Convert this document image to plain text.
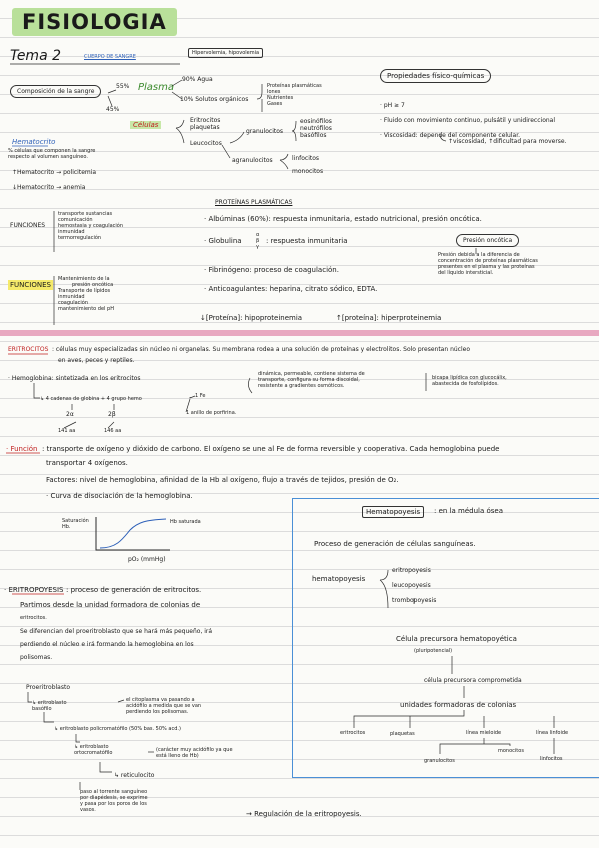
FISIOLOGIA
Tema 2	CUERPO DE SANGRE
Hipervolemia, hipovolemia
Composición de la sangre
55%
45%
Plasma
Células
90% Agua
10% Solutos orgánicos
Proteínas plasmáticas
Iones
Nutrientes
Gases
Eritrocitos
plaquetas
Leucocitos
granulocitos
eosinófilos
neutrófilos
basófilos
agranulocitos	linfocitos
monocitos
Hematocrito
% células que componen la sangre
respecto al volumen sanguíneo.
↑Hematocrito → policitemia
↓Hematocrito → anemia
Propiedades físico-químicas
· pH ≥ 7
· Fluido con movimiento continuo, pulsátil y unidireccional
· Viscosidad: depende del componente celular.
↑viscosidad, ↑dificultad para moverse.
FUNCIONES
transporte sustancias
comunicación
hemostasia y coagulación
inmunidad
termorregulación
PROTEÍNAS PLASMÁTICAS
· Albúminas (60%): respuesta inmunitaria, estado nutricional, presión oncótica.
· Globulina
α
β
γ
: respuesta inmunitaria	Presión oncótica
Presión debida a la diferencia de
concentración de proteínas plasmáticas
presentes en el plasma y las proteínas
del líquido intersticial.
· Fibrinógeno: proceso de coagulación.
· Anticoagulantes: heparina, citrato sódico, EDTA.
↓[Proteína]: hipoproteinemia	↑[proteína]: hiperproteinemia
FUNCIONES
Mantenimiento de la
presión oncótica
Transporte de lípidos
inmunidad
coagulación
mantenimiento del pH
ERITROCITOS : células muy especializadas sin núcleo ni organelas. Su membrana rodea a una solución de proteínas y electrolitos. Solo presentan núcleo
en aves, peces y reptiles.
· Hemoglobina: sintetizada en los eritrocitos
↳ 4 cadenas de globina + 4 grupo hemo	1 Fe
1 anillo de porfirina.
2α	2β
141 aa	146 aa
dinámica, permeable, contiene sistema de
transporte, configura su forma discoidal,
resistente a gradientes osmóticos.
bicapa lipídica con glucocálix,
abastecida de fosfolípidos.
· Función : transporte de oxígeno y dióxido de carbono. El oxígeno se une al Fe de forma reversible y cooperativa. Cada hemoglobina puede
transportar 4 oxígenos.
Factores: nivel de hemoglobina, afinidad de la Hb al oxígeno, flujo a través de tejidos, presión de O₂.
· Curva de disociación de la hemoglobina.
Saturación
Hb.
Hb saturada
pO₂ (mmHg)
· ERITROPOYESIS : proceso de generación de eritrocitos.
Partimos desde la unidad formadora de colonias de
eritrocitos.
Se diferencian del proeritroblasto que se hará más pequeño, irá
perdiendo el núcleo e irá formando la hemoglobina en los
polisomas.
Proeritroblasto
↳ eritroblasto basófilo
el citoplasma va pasando a
acidófilo a medida que se van
perdiendo los polisomas.
↳ eritroblasto policromatófilo (50% bas. 50% acd.)
↳ eritroblasto ortocromatófilo	(carácter muy acidófilo ya que
está lleno de Hb)
↳ reticulocito
paso al torrente sanguíneo
por diapédesis, se exprime
y pasa por los poros de los
vasos.	→ Regulación de la eritropoyesis.
Hematopoyesis	: en la médula ósea
Proceso de generación de células sanguíneas.
hematopoyesis
eritropoyesis
leucopoyesis
trombopoyesis
Célula precursora hematopoyética
(pluripotencial)
célula precursora comprometida
unidades formadoras de colonias
eritrocitos	plaquetas	línea mieloide	línea linfoide
granulocitos
monocitos
linfocitos
